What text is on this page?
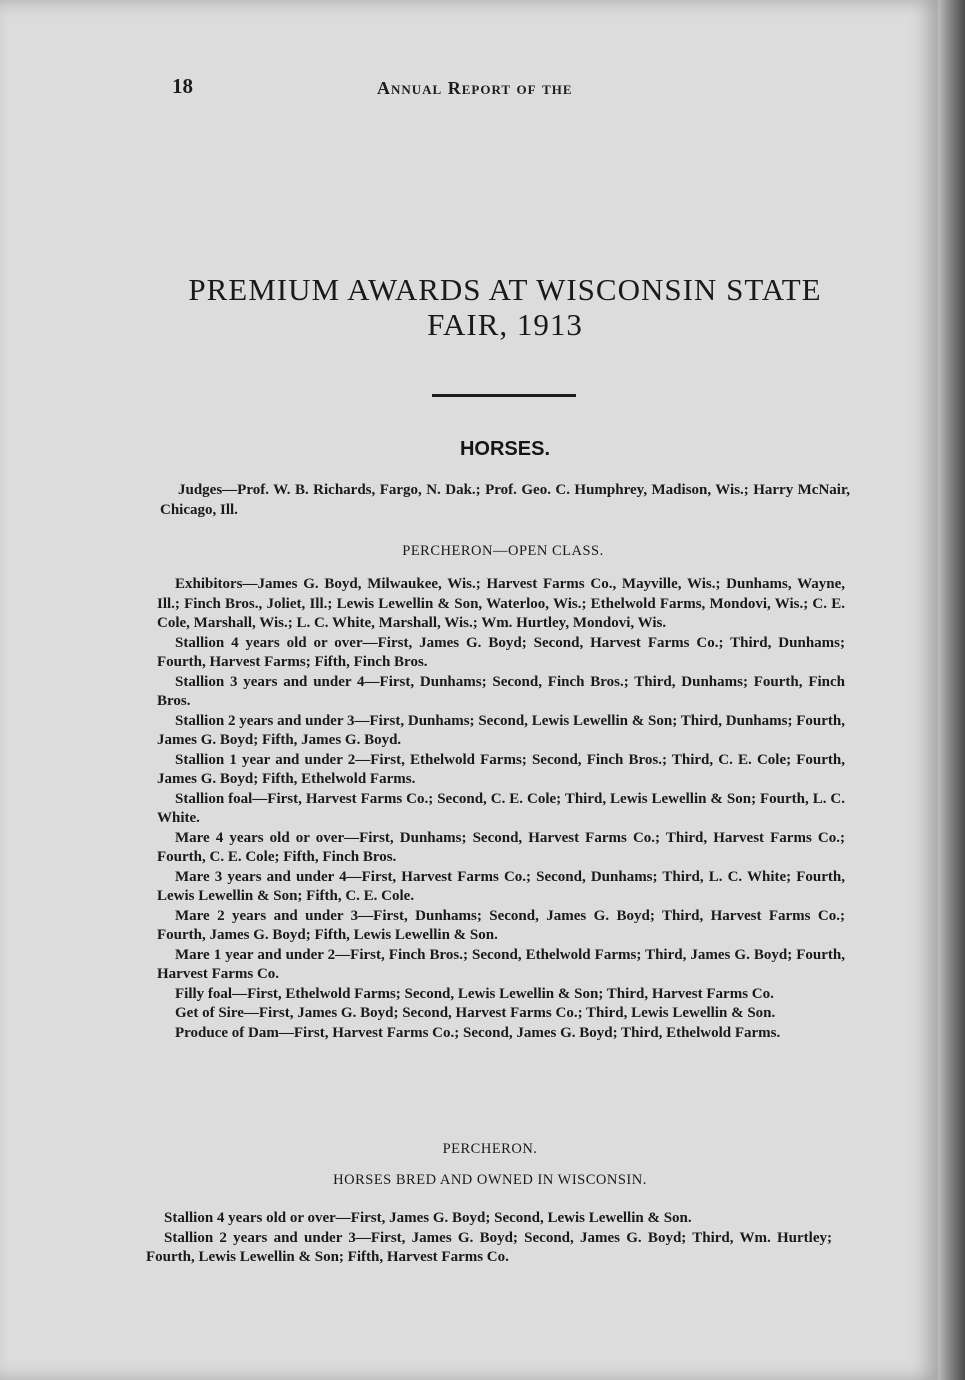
18	Annual Report of the
PREMIUM AWARDS AT WISCONSIN STATE
FAIR, 1913
HORSES.

Judges—Prof. W. B. Richards, Fargo, N. Dak.; Prof. Geo. C. Humphrey, Madison, Wis.; Harry McNair, Chicago, Ill.

PERCHERON—OPEN CLASS.

Exhibitors—James G. Boyd, Milwaukee, Wis.; Harvest Farms Co., Mayville, Wis.; Dunhams, Wayne, Ill.; Finch Bros., Joliet, Ill.; Lewis Lewellin & Son, Waterloo, Wis.; Ethelwold Farms, Mondovi, Wis.; C. E. Cole, Marshall, Wis.; L. C. White, Marshall, Wis.; Wm. Hurtley, Mondovi, Wis.

Stallion 4 years old or over—First, James G. Boyd; Second, Harvest Farms Co.; Third, Dunhams; Fourth, Harvest Farms; Fifth, Finch Bros.

Stallion 3 years and under 4—First, Dunhams; Second, Finch Bros.; Third, Dunhams; Fourth, Finch Bros.

Stallion 2 years and under 3—First, Dunhams; Second, Lewis Lewellin & Son; Third, Dunhams; Fourth, James G. Boyd; Fifth, James G. Boyd.

Stallion 1 year and under 2—First, Ethelwold Farms; Second, Finch Bros.; Third, C. E. Cole; Fourth, James G. Boyd; Fifth, Ethelwold Farms.

Stallion foal—First, Harvest Farms Co.; Second, C. E. Cole; Third, Lewis Lewellin & Son; Fourth, L. C. White.

Mare 4 years old or over—First, Dunhams; Second, Harvest Farms Co.; Third, Harvest Farms Co.; Fourth, C. E. Cole; Fifth, Finch Bros.

Mare 3 years and under 4—First, Harvest Farms Co.; Second, Dunhams; Third, L. C. White; Fourth, Lewis Lewellin & Son; Fifth, C. E. Cole.

Mare 2 years and under 3—First, Dunhams; Second, James G. Boyd; Third, Harvest Farms Co.; Fourth, James G. Boyd; Fifth, Lewis Lewellin & Son.

Mare 1 year and under 2—First, Finch Bros.; Second, Ethelwold Farms; Third, James G. Boyd; Fourth, Harvest Farms Co.

Filly foal—First, Ethelwold Farms; Second, Lewis Lewellin & Son; Third, Harvest Farms Co.

Get of Sire—First, James G. Boyd; Second, Harvest Farms Co.; Third, Lewis Lewellin & Son.

Produce of Dam—First, Harvest Farms Co.; Second, James G. Boyd; Third, Ethelwold Farms.

PERCHERON.
HORSES BRED AND OWNED IN WISCONSIN.

Stallion 4 years old or over—First, James G. Boyd; Second, Lewis Lewellin & Son.

Stallion 2 years and under 3—First, James G. Boyd; Second, James G. Boyd; Third, Wm. Hurtley; Fourth, Lewis Lewellin & Son; Fifth, Harvest Farms Co.
